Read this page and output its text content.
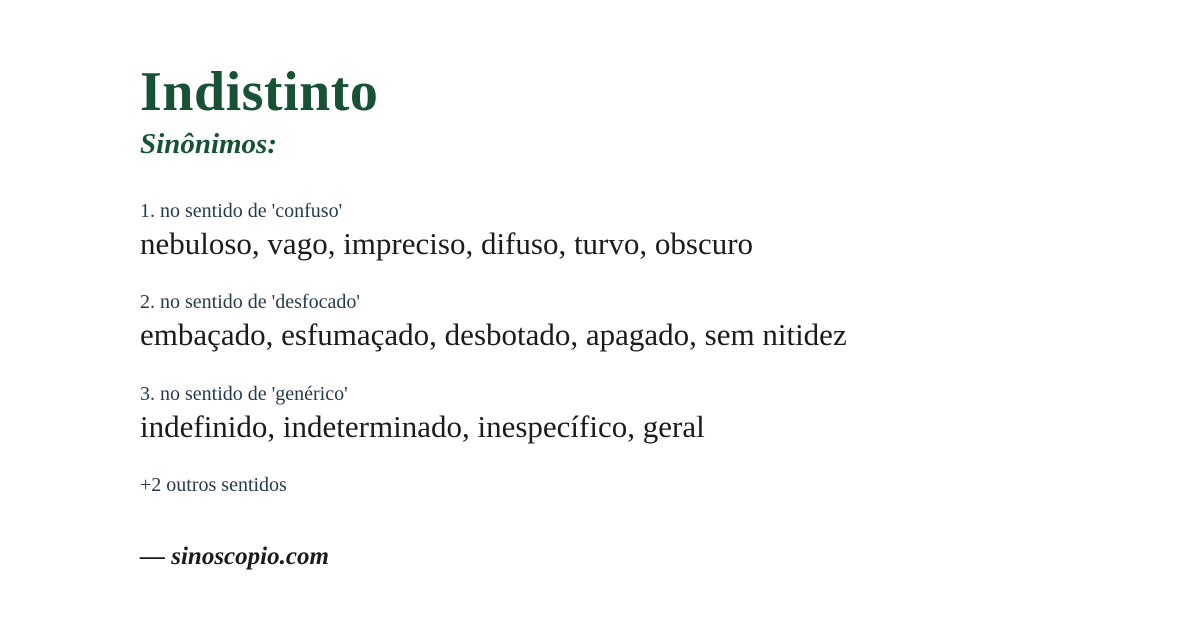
Indistinto
Sinônimos:
1. no sentido de 'confuso'
nebuloso, vago, impreciso, difuso, turvo, obscuro
2. no sentido de 'desfocado'
embaçado, esfumaçado, desbotado, apagado, sem nitidez
3. no sentido de 'genérico'
indefinido, indeterminado, inespecífico, geral
+2 outros sentidos
— sinoscopio.com
